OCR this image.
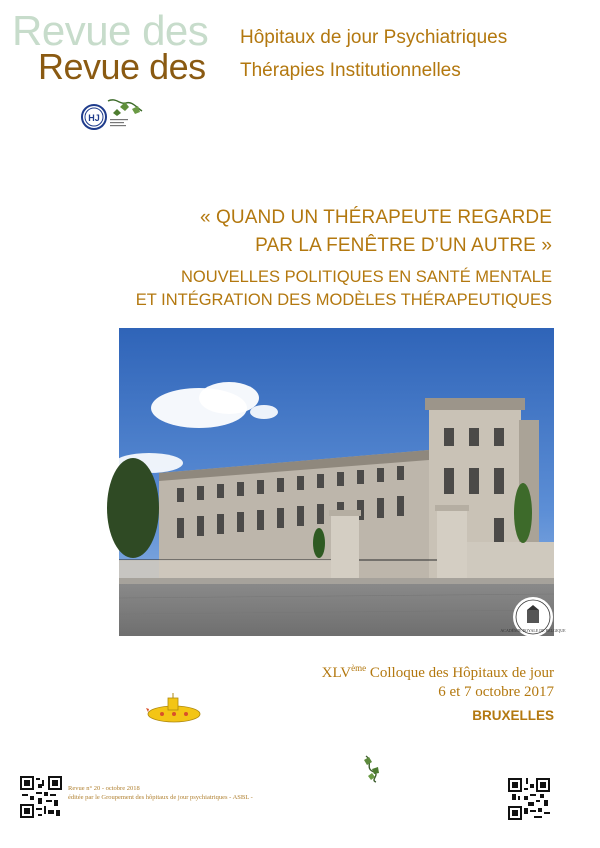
Revue des
Revue des
Hôpitaux de jour Psychiatriques
Thérapies Institutionnelles
HJ
« QUAND UN THÉRAPEUTE REGARDE
PAR LA FENÊTRE D’UN AUTRE »
NOUVELLES POLITIQUES EN SANTÉ MENTALE
ET INTÉGRATION DES MODÈLES THÉRAPEUTIQUES
ACADÉMIE ROYALE DE BELGIQUE
XLVème Colloque des Hôpitaux de jour
6 et 7 octobre 2017
BRUXELLES
Revue n° 20 - octobre 2018
éditée par le Groupement des hôpitaux de jour psychiatriques - ASBL -
